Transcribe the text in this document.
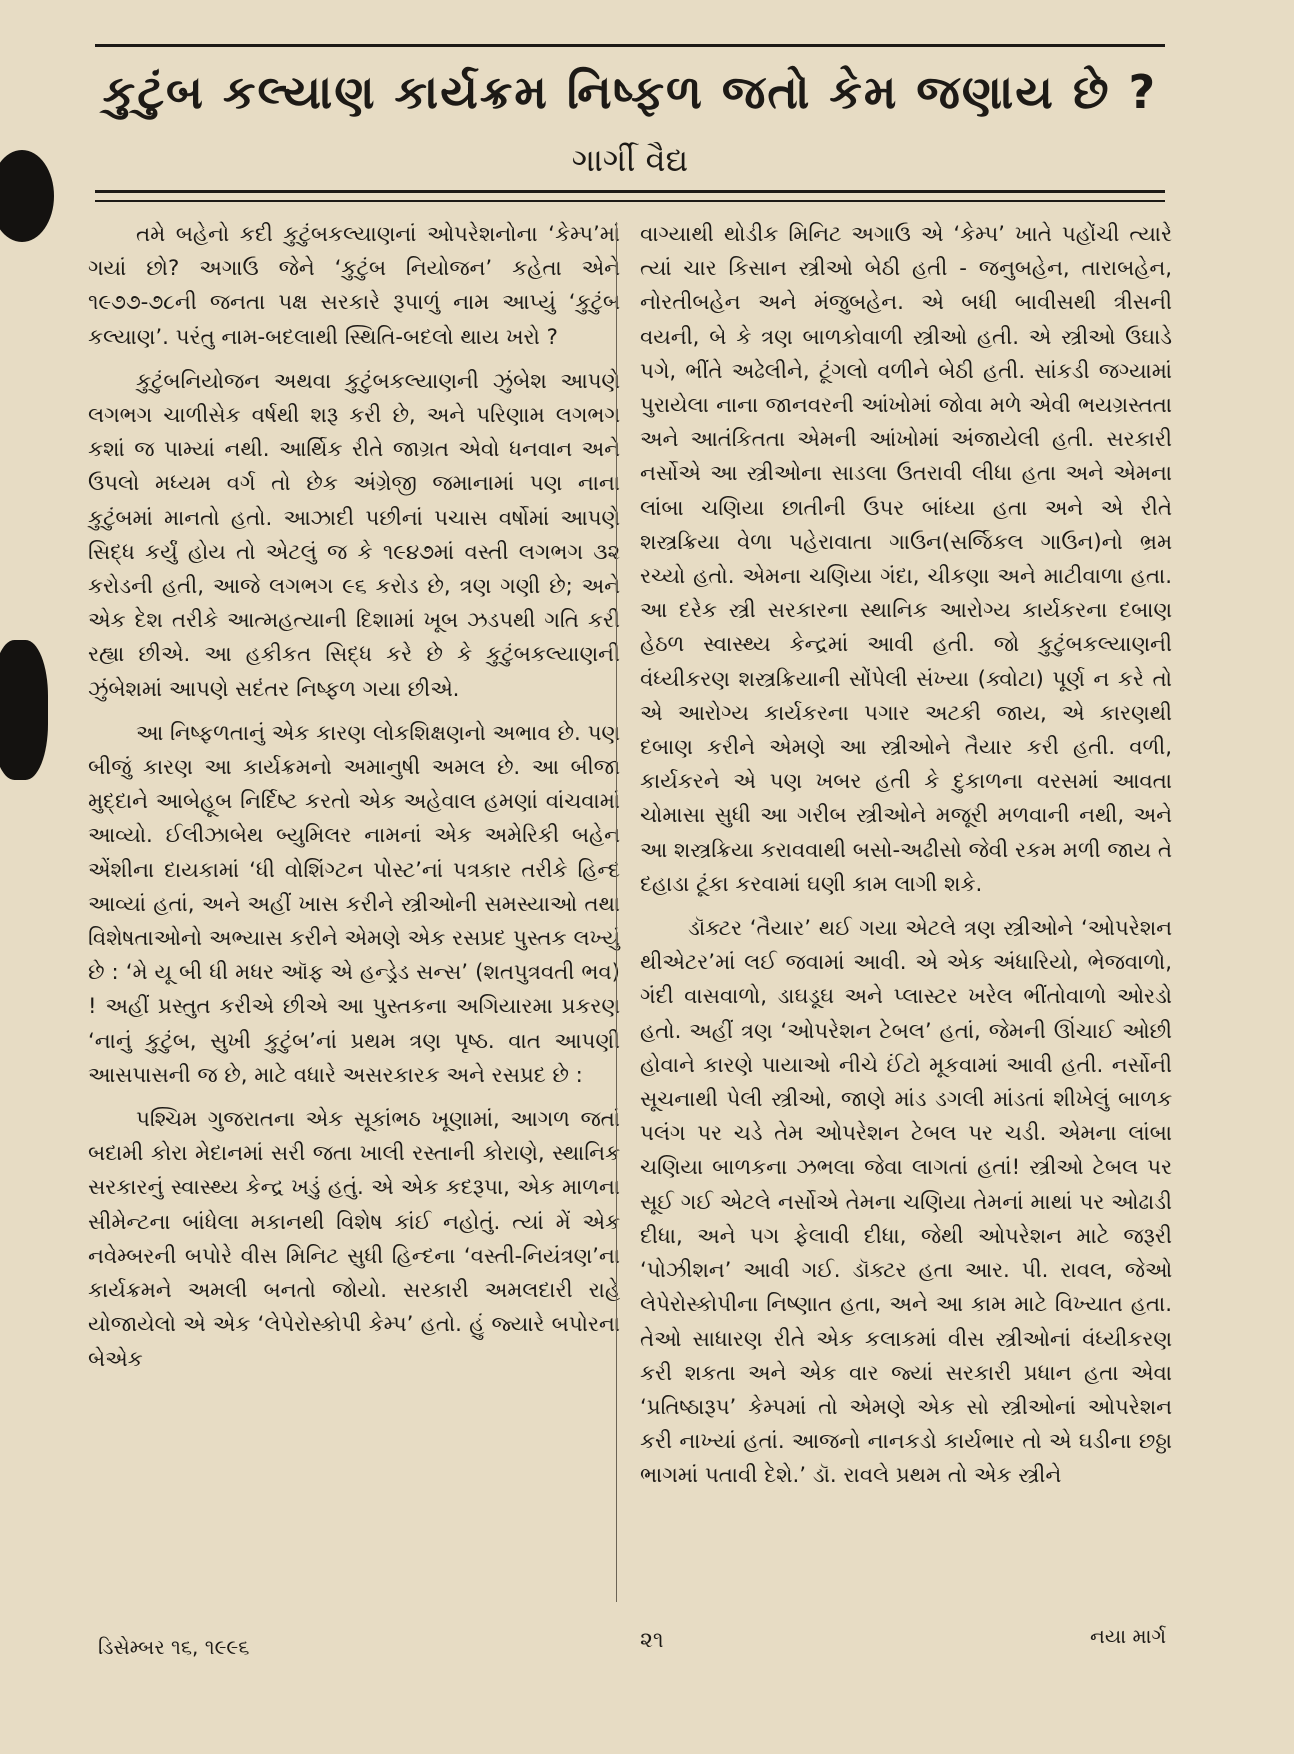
કુટુંબ કલ્યાણ કાર્યક્રમ નિષ્ફળ જતો કેમ જણાય છે ?
ગાર્ગી વૈદ્ય

તમે બહેનો કદી કુટુંબકલ્યાણનાં ઓપરેશનોના ‘કેમ્પ’માં ગયાં છો? અગાઉ જેને ‘કુટુંબ નિયોજન’ કહેતા એને ૧૯૭૭-૭૮ની જનતા પક્ષ સરકારે રૂપાળું નામ આપ્યું ‘કુટુંબ કલ્યાણ’. પરંતુ નામ-બદલાથી સ્થિતિ-બદલો થાય ખરો ?

કુટુંબનિયોજન અથવા કુટુંબકલ્યાણની ઝુંબેશ આપણે લગભગ ચાળીસેક વર્ષથી શરૂ કરી છે, અને પરિણામ લગભગ કશાં જ પામ્યાં નથી. આર્થિક રીતે જાગ્રત એવો ધનવાન અને ઉપલો મધ્યમ વર્ગ તો છેક અંગ્રેજી જમાનામાં પણ નાના કુટુંબમાં માનતો હતો. આઝાદી પછીનાં પચાસ વર્ષોમાં આપણે સિદ્ધ કર્યું હોય તો એટલું જ કે ૧૯૪૭માં વસ્તી લગભગ ૩૨ કરોડની હતી, આજે લગભગ ૯૬ કરોડ છે, ત્રણ ગણી છે; અને એક દેશ તરીકે આત્મહત્યાની દિશામાં ખૂબ ઝડપથી ગતિ કરી રહ્યા છીએ. આ હકીકત સિદ્ધ કરે છે કે કુટુંબકલ્યાણની ઝુંબેશમાં આપણે સદંતર નિષ્ફળ ગયા છીએ.

આ નિષ્ફળતાનું એક કારણ લોકશિક્ષણનો અભાવ છે. પણ બીજું કારણ આ કાર્યક્રમનો અમાનુષી અમલ છે. આ બીજા મુદ્દાને આબેહૂબ નિર્દિષ્ટ કરતો એક અહેવાલ હમણાં વાંચવામાં આવ્યો. ઈલીઝાબેથ બ્યુમિલર નામનાં એક અમેરિકી બહેન એંશીના દાયકામાં ‘ધી વોશિંગ્ટન પોસ્ટ’નાં પત્રકાર તરીકે હિન્દ આવ્યાં હતાં, અને અહીં ખાસ કરીને સ્ત્રીઓની સમસ્યાઓ તથા વિશેષતાઓનો અભ્યાસ કરીને એમણે એક રસપ્રદ પુસ્તક લખ્યું છે : ‘મે યૂ બી ધી મધર ઑફ એ હન્ડ્રેડ સન્સ’ (શતપુત્રવતી ભવ) ! અહીં પ્રસ્તુત કરીએ છીએ આ પુસ્તકના અગિયારમા પ્રકરણ ‘નાનું કુટુંબ, સુખી કુટુંબ’નાં પ્રથમ ત્રણ પૃષ્ઠ. વાત આપણી આસપાસની જ છે, માટે વધારે અસરકારક અને રસપ્રદ છે :

પશ્ચિમ ગુજરાતના એક સૂકાંભઠ ખૂણામાં, આગળ જતાં બદામી કોરા મેદાનમાં સરી જતા ખાલી રસ્તાની કોરાણે, સ્થાનિક સરકારનું સ્વાસ્થ્ય કેન્દ્ર ખડું હતું. એ એક કદરૂપા, એક માળના સીમેન્ટના બાંધેલા મકાનથી વિશેષ કાંઈ નહોતું. ત્યાં મેં એક નવેમ્બરની બપોરે વીસ મિનિટ સુધી હિન્દના ‘વસ્તી-નિયંત્રણ’ના કાર્યક્રમને અમલી બનતો જોયો. સરકારી અમલદારી રાહે યોજાયેલો એ એક ‘લેપેરોસ્કોપી કેમ્પ’ હતો. હું જ્યારે બપોરના બેએક

વાગ્યાથી થોડીક મિનિટ અગાઉ એ ‘કેમ્પ’ ખાતે પહોંચી ત્યારે ત્યાં ચાર કિસાન સ્ત્રીઓ બેઠી હતી - જનુબહેન, તારાબહેન, નોરતીબહેન અને મંજુબહેન. એ બધી બાવીસથી ત્રીસની વયની, બે કે ત્રણ બાળકોવાળી સ્ત્રીઓ હતી. એ સ્ત્રીઓ ઉઘાડે પગે, ભીંતે અઢેલીને, ટૂંગલો વળીને બેઠી હતી. સાંકડી જગ્યામાં પુરાયેલા નાના જાનવરની આંખોમાં જોવા મળે એવી ભયગ્રસ્તતા અને આતંકિતતા એમની આંખોમાં અંજાયેલી હતી. સરકારી નર્સોએ આ સ્ત્રીઓના સાડલા ઉતરાવી લીધા હતા અને એમના લાંબા ચણિયા છાતીની ઉપર બાંધ્યા હતા અને એ રીતે શસ્ત્રક્રિયા વેળા પહેરાવાતા ગાઉન(સર્જિકલ ગાઉન)નો ભ્રમ રચ્યો હતો. એમના ચણિયા ગંદા, ચીકણા અને માટીવાળા હતા. આ દરેક સ્ત્રી સરકારના સ્થાનિક આરોગ્ય કાર્યકરના દબાણ હેઠળ સ્વાસ્થ્ય કેન્દ્રમાં આવી હતી. જો કુટુંબકલ્યાણની વંધ્યીકરણ શસ્ત્રક્રિયાની સોંપેલી સંખ્યા (ક્વોટા) પૂર્ણ ન કરે તો એ આરોગ્ય કાર્યકરના પગાર અટકી જાય, એ કારણથી દબાણ કરીને એમણે આ સ્ત્રીઓને તૈયાર કરી હતી. વળી, કાર્યકરને એ પણ ખબર હતી કે દુકાળના વરસમાં આવતા ચોમાસા સુધી આ ગરીબ સ્ત્રીઓને મજૂરી મળવાની નથી, અને આ શસ્ત્રક્રિયા કરાવવાથી બસો-અઢીસો જેવી રકમ મળી જાય તે દહાડા ટૂંકા કરવામાં ઘણી કામ લાગી શકે.

ડૉક્ટર ‘તૈયાર’ થઈ ગયા એટલે ત્રણ સ્ત્રીઓને ‘ઓપરેશન થીએટર’માં લઈ જવામાં આવી. એ એક અંધારિયો, ભેજવાળો, ગંદી વાસવાળો, ડાઘડૂઘ અને પ્લાસ્ટર ખરેલ ભીંતોવાળો ઓરડો હતો. અહીં ત્રણ ‘ઓપરેશન ટેબલ’ હતાં, જેમની ઊંચાઈ ઓછી હોવાને કારણે પાયાઓ નીચે ઈંટો મૂકવામાં આવી હતી. નર્સોની સૂચનાથી પેલી સ્ત્રીઓ, જાણે માંડ ડગલી માંડતાં શીખેલું બાળક પલંગ પર ચડે તેમ ઓપરેશન ટેબલ પર ચડી. એમના લાંબા ચણિયા બાળકના ઝભલા જેવા લાગતાં હતાં! સ્ત્રીઓ ટેબલ પર સૂઈ ગઈ એટલે નર્સોએ તેમના ચણિયા તેમનાં માથાં પર ઓઢાડી દીધા, અને પગ ફેલાવી દીધા, જેથી ઓપરેશન માટે જરૂરી ‘પોઝીશન’ આવી ગઈ. ડૉક્ટર હતા આર. પી. રાવલ, જેઓ લેપેરોસ્કોપીના નિષ્ણાત હતા, અને આ કામ માટે વિખ્યાત હતા. તેઓ સાધારણ રીતે એક કલાકમાં વીસ સ્ત્રીઓનાં વંધ્યીકરણ કરી શકતા અને એક વાર જ્યાં સરકારી પ્રધાન હતા એવા ‘પ્રતિષ્ઠારૂપ’ કેમ્પમાં તો એમણે એક સો સ્ત્રીઓનાં ઓપરેશન કરી નાખ્યાં હતાં. આજનો નાનકડો કાર્યભાર તો એ ઘડીના છઠ્ઠા ભાગમાં પતાવી દેશે.’ ડૉ. રાવલે પ્રથમ તો એક સ્ત્રીને

ડિસેમ્બર ૧૬, ૧૯૯૬	૨૧	નયા માર્ગ
